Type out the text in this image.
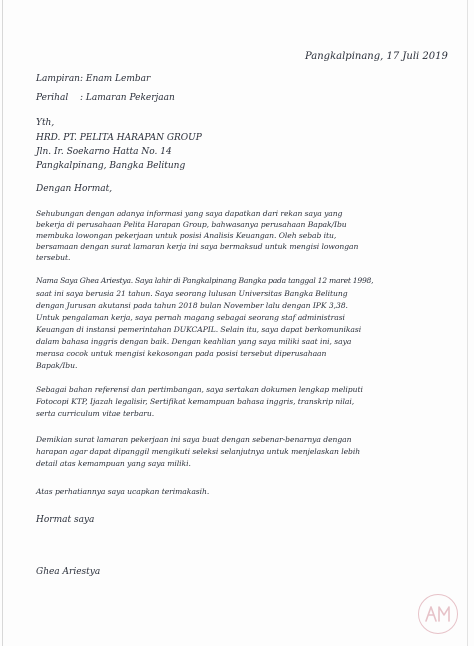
Pangkalpinang, 17 Juli 2019
Lampiran : Enam Lembar
Perihal : Lamaran Pekerjaan
Yth,
HRD. PT. PELITA HARAPAN GROUP
Jln. Ir. Soekarno Hatta No. 14
Pangkalpinang, Bangka Belitung
Dengan Hormat,
Sehubungan dengan adanya informasi yang saya dapatkan dari rekan saya yang
bekerja di perusahaan Pelita Harapan Group, bahwasanya perusahaan Bapak/Ibu
membuka lowongan pekerjaan untuk posisi Analisis Keuangan. Oleh sebab itu,
bersamaan dengan surat lamaran kerja ini saya bermaksud untuk mengisi lowongan
tersebut.
Nama Saya Ghea Ariestya. Saya lahir di Pangkalpinang Bangka pada tanggal 12 maret 1998,
saat ini saya berusia 21 tahun. Saya seorang lulusan Universitas Bangka Belitung
dengan Jurusan akutansi pada tahun 2018 bulan November lalu dengan IPK 3,38.
Untuk pengalaman kerja, saya pernah magang sebagai seorang staf administrasi
Keuangan di instansi pemerintahan DUKCAPIL. Selain itu, saya dapat berkomunikasi
dalam bahasa inggris dengan baik. Dengan keahlian yang saya miliki saat ini, saya
merasa cocok untuk mengisi kekosongan pada posisi tersebut diperusahaan
Bapak/Ibu.
Sebagai bahan referensi dan pertimbangan, saya sertakan dokumen lengkap meliputi
Fotocopi KTP, Ijazah legalisir, Sertifikat kemampuan bahasa inggris, transkrip nilai,
serta curriculum vitae terbaru.
Demikian surat lamaran pekerjaan ini saya buat dengan sebenar-benarnya dengan
harapan agar dapat dipanggil mengikuti seleksi selanjutnya untuk menjelaskan lebih
detail atas kemampuan yang saya miliki.
Atas perhatiannya saya ucapkan terimakasih.
Hormat saya
Ghea Ariestya
